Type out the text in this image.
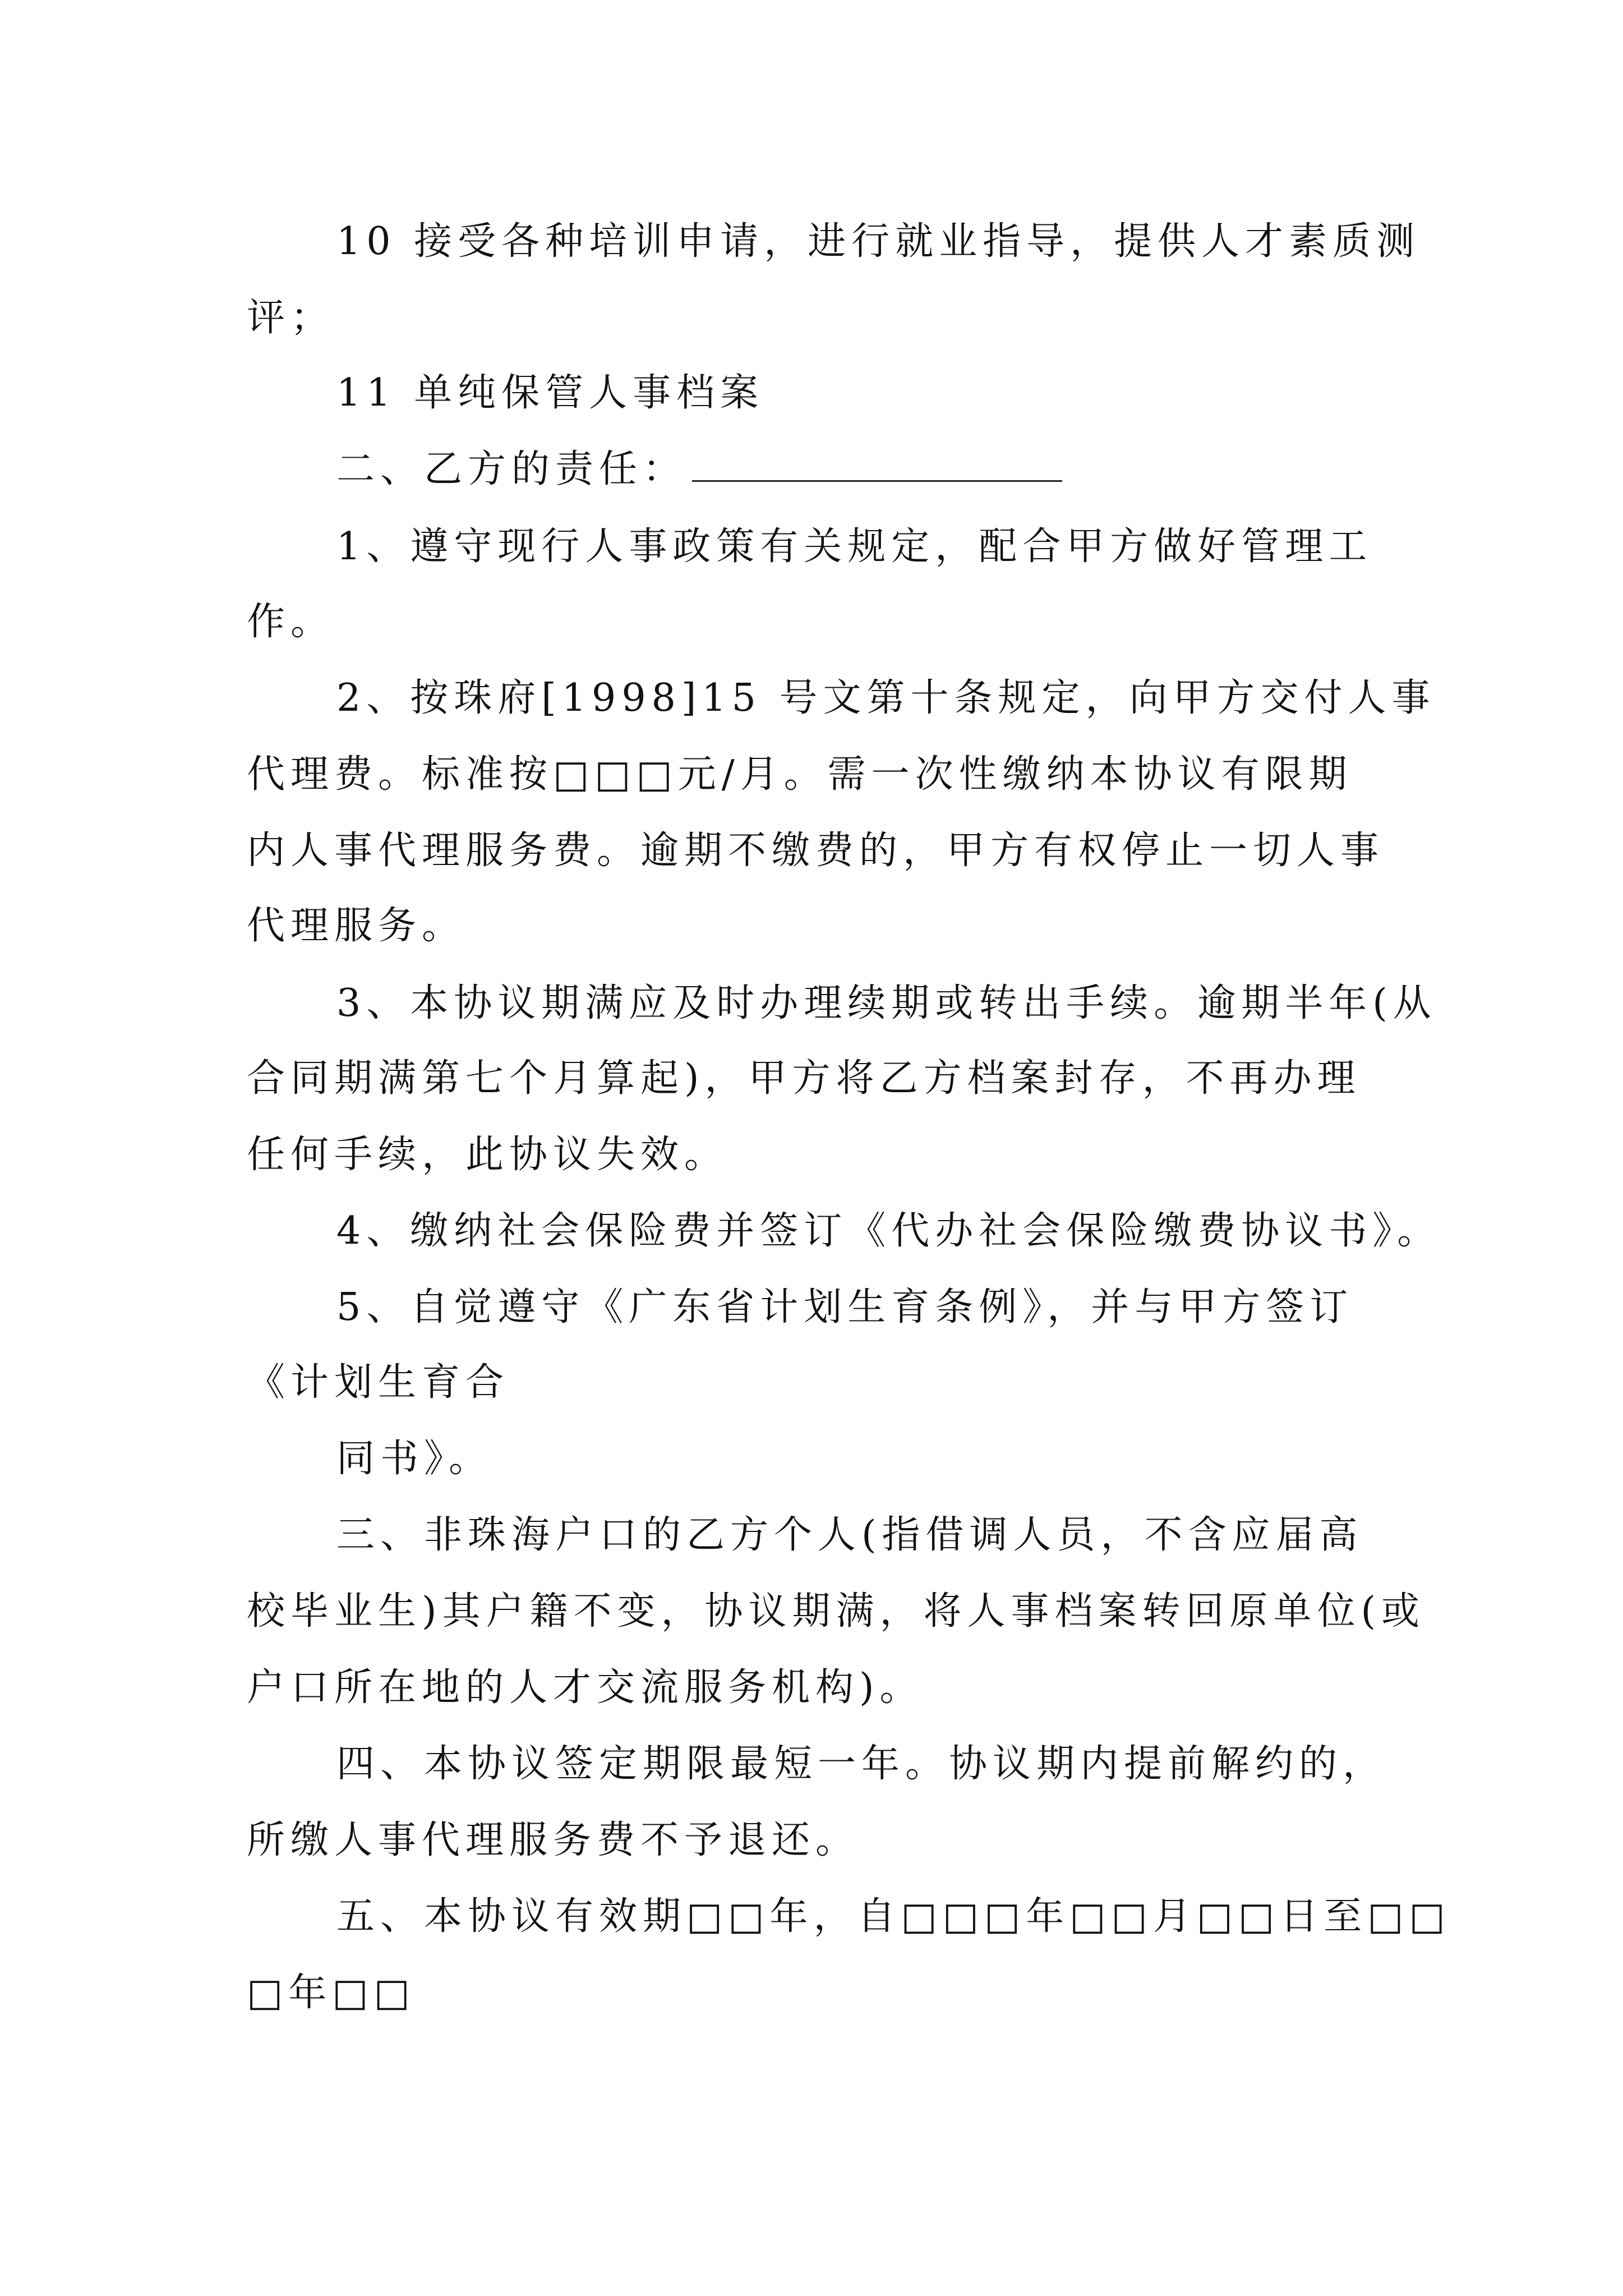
10 接受各种培训申请，进行就业指导，提供人才素质测

评；

11 单纯保管人事档案

二、乙方的责任：

1、遵守现行人事政策有关规定，配合甲方做好管理工

作。

2、按珠府[1998]15 号文第十条规定，向甲方交付人事

代理费。标准按□□□元/月。需一次性缴纳本协议有限期

内人事代理服务费。逾期不缴费的，甲方有权停止一切人事

代理服务。

3、本协议期满应及时办理续期或转出手续。逾期半年(从

合同期满第七个月算起)，甲方将乙方档案封存，不再办理

任何手续，此协议失效。

4、缴纳社会保险费并签订《代办社会保险缴费协议书》。

5、自觉遵守《广东省计划生育条例》，并与甲方签订

《计划生育合

同书》。

三、非珠海户口的乙方个人(指借调人员，不含应届高

校毕业生)其户籍不变，协议期满，将人事档案转回原单位(或

户口所在地的人才交流服务机构)。

四、本协议签定期限最短一年。协议期内提前解约的，

所缴人事代理服务费不予退还。

五、本协议有效期□□年，自□□□年□□月□□日至□□

□年□□
